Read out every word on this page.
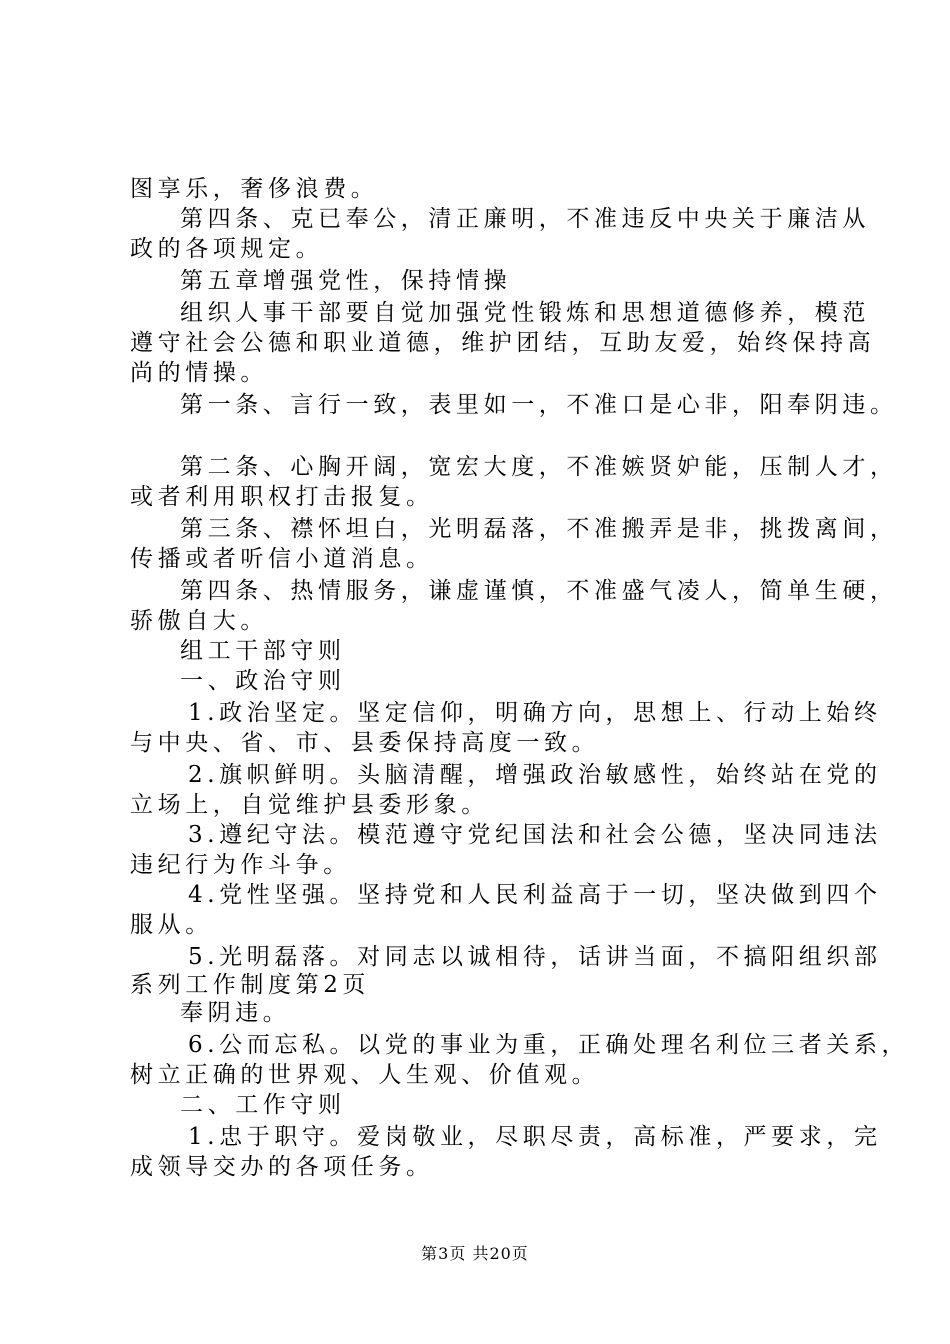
图享乐，奢侈浪费。
第四条、克已奉公，清正廉明，不准违反中央关于廉洁从
政的各项规定。
第五章增强党性，保持情操
组织人事干部要自觉加强党性锻炼和思想道德修养，模范
遵守社会公德和职业道德，维护团结，互助友爱，始终保持高
尚的情操。
第一条、言行一致，表里如一，不准口是心非，阳奉阴违。
第二条、心胸开阔，宽宏大度，不准嫉贤妒能，压制人才，
或者利用职权打击报复。
第三条、襟怀坦白，光明磊落，不准搬弄是非，挑拨离间，
传播或者听信小道消息。
第四条、热情服务，谦虚谨慎，不准盛气凌人，简单生硬，
骄傲自大。
组工干部守则
一、政治守则
1.政治坚定。坚定信仰，明确方向，思想上、行动上始终
与中央、省、市、县委保持高度一致。
2.旗帜鲜明。头脑清醒，增强政治敏感性，始终站在党的
立场上，自觉维护县委形象。
3.遵纪守法。模范遵守党纪国法和社会公德，坚决同违法
违纪行为作斗争。
4.党性坚强。坚持党和人民利益高于一切，坚决做到四个
服从。
5.光明磊落。对同志以诚相待，话讲当面，不搞阳组织部
系列工作制度第2页
奉阴违。
6.公而忘私。以党的事业为重，正确处理名利位三者关系，
树立正确的世界观、人生观、价值观。
二、工作守则
1.忠于职守。爱岗敬业，尽职尽责，高标准，严要求，完
成领导交办的各项任务。
第3页 共20页
